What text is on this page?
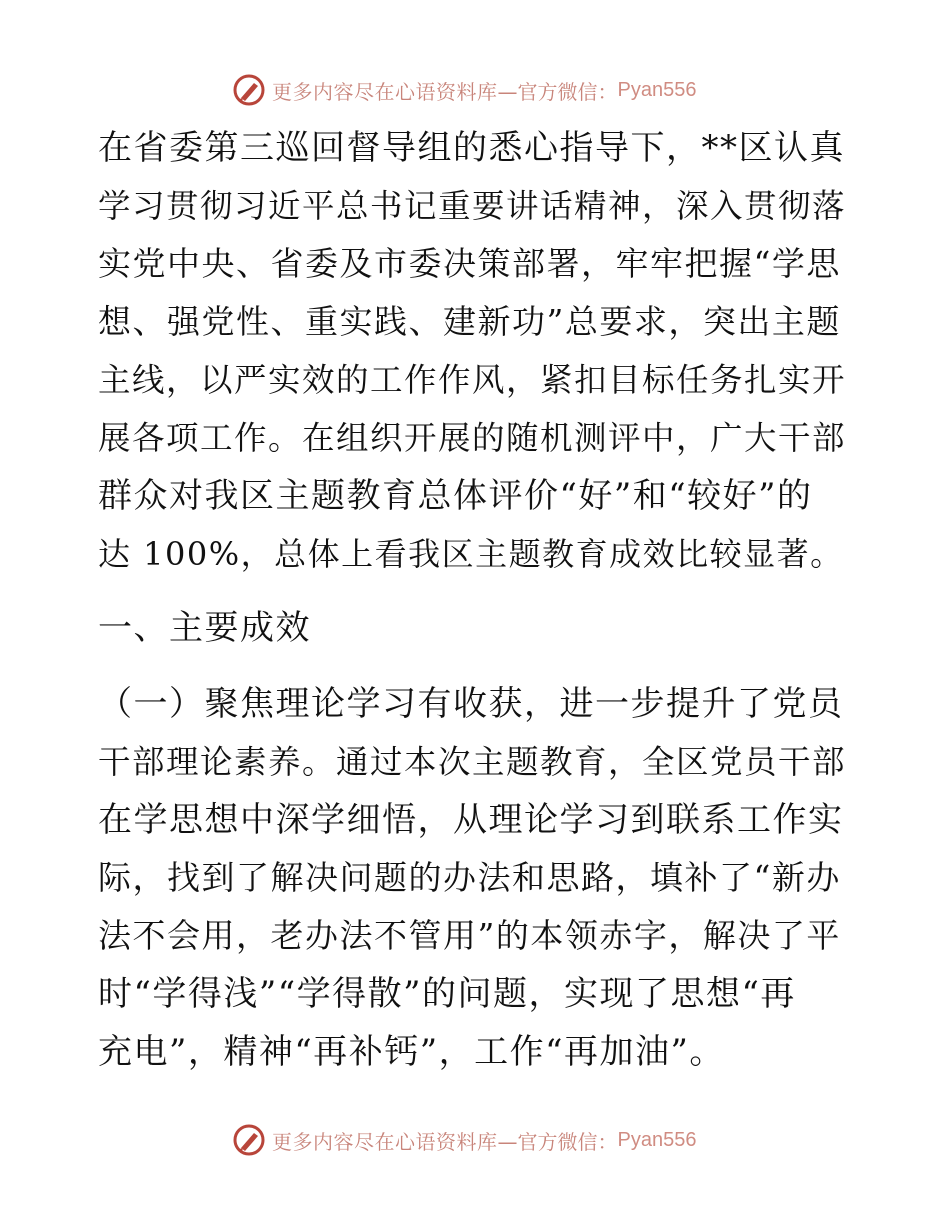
更多内容尽在心语资料库 —官方微信： Pyan556
在省委第三巡回督导组的悉心指导下，**区认真
学习贯彻习近平总书记重要讲话精神，深入贯彻落
实党中央、省委及市委决策部署，牢牢把握“学思
想、强党性、重实践、建新功”总要求，突出主题
主线，以严实效的工作作风，紧扣目标任务扎实开
展各项工作。在组织开展的随机测评中，广大干部
群众对我区主题教育总体评价“好”和“较好”的
达 100%，总体上看我区主题教育成效比较显著。
一、主要成效
（一）聚焦理论学习有收获，进一步提升了党员
干部理论素养。通过本次主题教育，全区党员干部
在学思想中深学细悟，从理论学习到联系工作实
际，找到了解决问题的办法和思路，填补了“新办
法不会用，老办法不管用”的本领赤字，解决了平
时“学得浅”“学得散”的问题，实现了思想“再
充电”，精神“再补钙”，工作“再加油”。
更多内容尽在心语资料库 —官方微信： Pyan556
